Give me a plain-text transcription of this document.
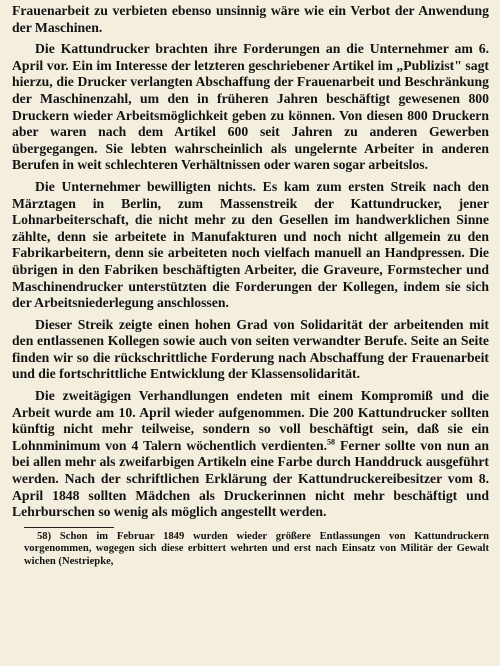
Frauenarbeit zu verbieten ebenso unsinnig wäre wie ein Verbot der Anwendung der Maschinen.

Die Kattundrucker brachten ihre Forderungen an die Unternehmer am 6. April vor. Ein im Interesse der letzteren geschriebener Artikel im „Publizist" sagt hierzu, die Drucker verlangten Abschaffung der Frauenarbeit und Beschränkung der Maschinenzahl, um den in früheren Jahren beschäftigt gewesenen 800 Druckern wieder Arbeitsmöglichkeit geben zu können. Von diesen 800 Druckern aber waren nach dem Artikel 600 seit Jahren zu anderen Gewerben übergegangen. Sie lebten wahrscheinlich als ungelernte Arbeiter in anderen Berufen in weit schlechteren Verhältnissen oder waren sogar arbeitslos.

Die Unternehmer bewilligten nichts. Es kam zum ersten Streik nach den Märztagen in Berlin, zum Massenstreik der Kattundrucker, jener Lohnarbeiterschaft, die nicht mehr zu den Gesellen im handwerklichen Sinne zählte, denn sie arbeitete in Manufakturen und noch nicht allgemein zu den Fabrikarbeitern, denn sie arbeiteten noch vielfach manuell an Handpressen. Die übrigen in den Fabriken beschäftigten Arbeiter, die Graveure, Formstecher und Maschinendrucker unterstützten die Forderungen der Kollegen, indem sie sich der Arbeitsniederlegung anschlossen.

Dieser Streik zeigte einen hohen Grad von Solidarität der arbeitenden mit den entlassenen Kollegen sowie auch von seiten verwandter Berufe. Seite an Seite finden wir so die rückschrittliche Forderung nach Abschaffung der Frauenarbeit und die fortschrittliche Entwicklung der Klassensolidarität.

Die zweitägigen Verhandlungen endeten mit einem Kompromiß und die Arbeit wurde am 10. April wieder aufgenommen. Die 200 Kattundrucker sollten künftig nicht mehr teilweise, sondern so voll beschäftigt sein, daß sie ein Lohnminimum von 4 Talern wöchentlich verdienten.$^{58}$ Ferner sollte von nun an bei allen mehr als zweifarbigen Artikeln eine Farbe durch Handdruck ausgeführt werden. Nach der schriftlichen Erklärung der Kattundruckereibesitzer vom 8. April 1848 sollten Mädchen als Druckerinnen nicht mehr beschäftigt und Lehrburschen so wenig als möglich angestellt werden.

58) Schon im Februar 1849 wurden wieder größere Entlassungen von Kattundruckern vorgenommen, wogegen sich diese erbittert wehrten und erst nach Einsatz von Militär der Gewalt wichen (Nestriepke,
